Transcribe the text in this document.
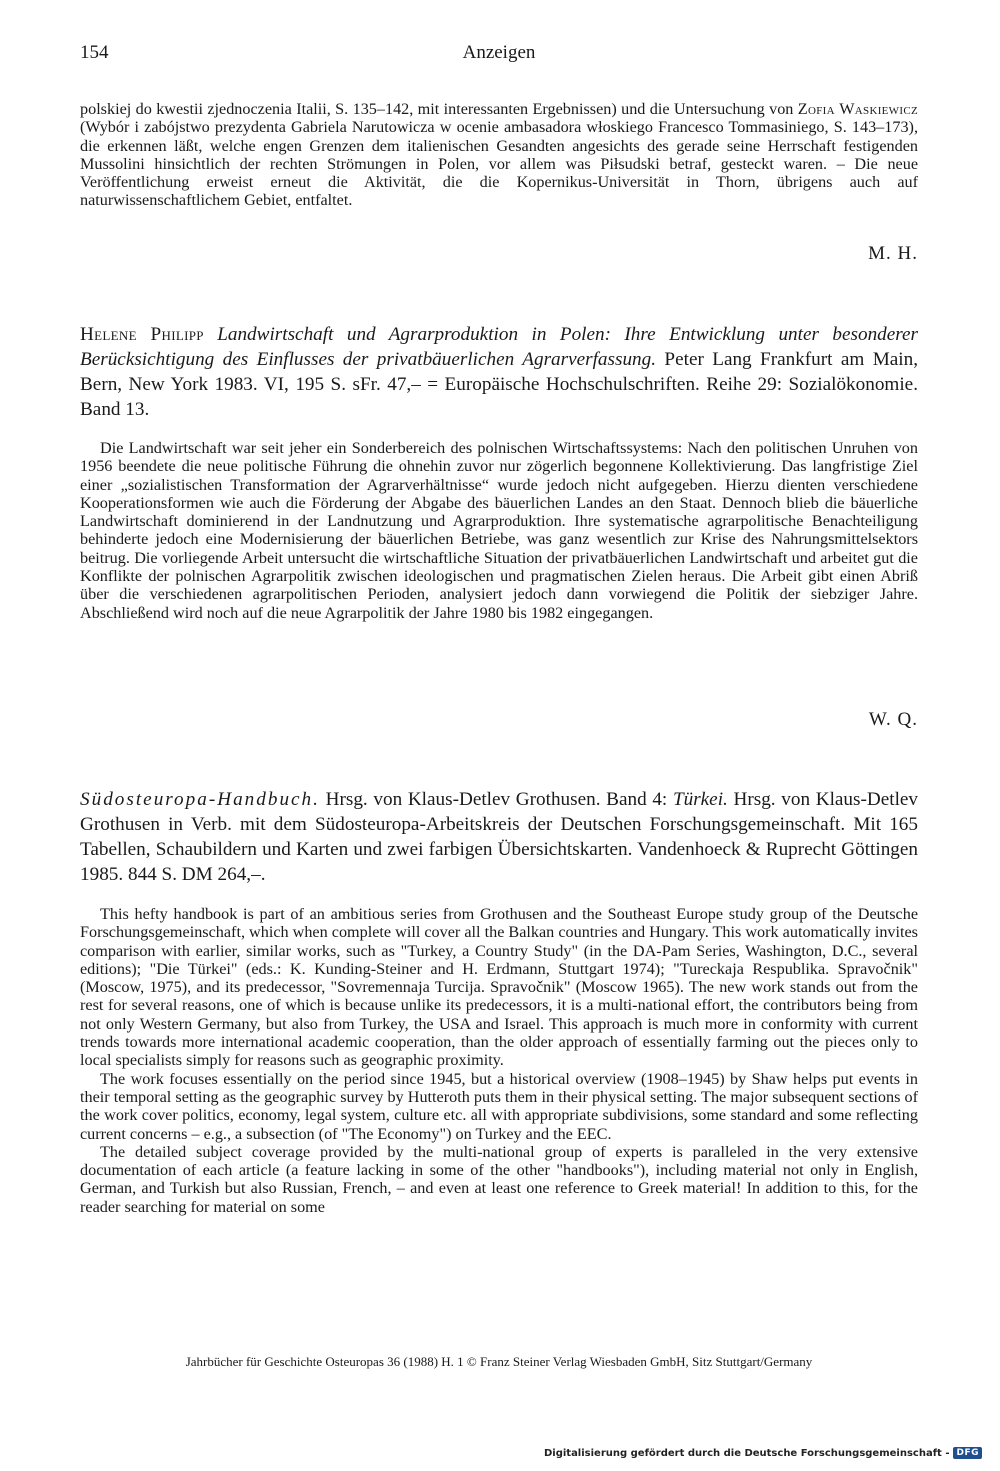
154	Anzeigen

polskiej do kwestii zjednoczenia Italii, S. 135–142, mit interessanten Ergebnissen) und die Untersuchung von Zofia Waskiewicz (Wybór i zabójstwo prezydenta Gabriela Narutowicza w ocenie ambasadora włoskiego Francesco Tommasiniego, S. 143–173), die erkennen läßt, welche engen Grenzen dem italienischen Gesandten angesichts des gerade seine Herrschaft festigenden Mussolini hinsichtlich der rechten Strömungen in Polen, vor allem was Piłsudski betraf, gesteckt waren. – Die neue Veröffentlichung erweist erneut die Aktivität, die die Kopernikus-Universität in Thorn, übrigens auch auf naturwissenschaftlichem Gebiet, entfaltet.

M. H.
Helene Philipp Landwirtschaft und Agrarproduktion in Polen: Ihre Entwicklung unter besonderer Berücksichtigung des Einflusses der privatbäuerlichen Agrarverfassung. Peter Lang Frankfurt am Main, Bern, New York 1983. VI, 195 S. sFr. 47,– = Europäische Hochschulschriften. Reihe 29: Sozialökonomie. Band 13.

Die Landwirtschaft war seit jeher ein Sonderbereich des polnischen Wirtschaftssystems: Nach den politischen Unruhen von 1956 beendete die neue politische Führung die ohnehin zuvor nur zögerlich begonnene Kollektivierung. Das langfristige Ziel einer „sozialistischen Transformation der Agrarverhältnisse“ wurde jedoch nicht aufgegeben. Hierzu dienten verschiedene Kooperationsformen wie auch die Förderung der Abgabe des bäuerlichen Landes an den Staat. Dennoch blieb die bäuerliche Landwirtschaft dominierend in der Landnutzung und Agrarproduktion. Ihre systematische agrarpolitische Benachteiligung behinderte jedoch eine Modernisierung der bäuerlichen Betriebe, was ganz wesentlich zur Krise des Nahrungsmittelsektors beitrug. Die vorliegende Arbeit untersucht die wirtschaftliche Situation der privatbäuerlichen Landwirtschaft und arbeitet gut die Konflikte der polnischen Agrarpolitik zwischen ideologischen und pragmatischen Zielen heraus. Die Arbeit gibt einen Abriß über die verschiedenen agrarpolitischen Perioden, analysiert jedoch dann vorwiegend die Politik der siebziger Jahre. Abschließend wird noch auf die neue Agrarpolitik der Jahre 1980 bis 1982 eingegangen.

W. Q.
Südosteuropa-Handbuch. Hrsg. von Klaus-Detlev Grothusen. Band 4: Türkei. Hrsg. von Klaus-Detlev Grothusen in Verb. mit dem Südosteuropa-Arbeitskreis der Deutschen Forschungsgemeinschaft. Mit 165 Tabellen, Schaubildern und Karten und zwei farbigen Übersichtskarten. Vandenhoeck & Ruprecht Göttingen 1985. 844 S. DM 264,–.

This hefty handbook is part of an ambitious series from Grothusen and the Southeast Europe study group of the Deutsche Forschungsgemeinschaft, which when complete will cover all the Balkan countries and Hungary. This work automatically invites comparison with earlier, similar works, such as "Turkey, a Country Study" (in the DA-Pam Series, Washington, D.C., several editions); "Die Türkei" (eds.: K. Kunding-Steiner and H. Erdmann, Stuttgart 1974); "Tureckaja Respublika. Spravočnik" (Moscow, 1975), and its predecessor, "Sovremennaja Turcija. Spravočnik" (Moscow 1965). The new work stands out from the rest for several reasons, one of which is because unlike its predecessors, it is a multi-national effort, the contributors being from not only Western Germany, but also from Turkey, the USA and Israel. This approach is much more in conformity with current trends towards more international academic cooperation, than the older approach of essentially farming out the pieces only to local specialists simply for reasons such as geographic proximity.

The work focuses essentially on the period since 1945, but a historical overview (1908–1945) by Shaw helps put events in their temporal setting as the geographic survey by Hutteroth puts them in their physical setting. The major subsequent sections of the work cover politics, economy, legal system, culture etc. all with appropriate subdivisions, some standard and some reflecting current concerns – e.g., a subsection (of "The Economy") on Turkey and the EEC.

The detailed subject coverage provided by the multi-national group of experts is paralleled in the very extensive documentation of each article (a feature lacking in some of the other "handbooks"), including material not only in English, German, and Turkish but also Russian, French, – and even at least one reference to Greek material! In addition to this, for the reader searching for material on some

Jahrbücher für Geschichte Osteuropas 36 (1988) H. 1 © Franz Steiner Verlag Wiesbaden GmbH, Sitz Stuttgart/Germany
Digitalisierung gefördert durch die Deutsche Forschungsgemeinschaft - DFG
